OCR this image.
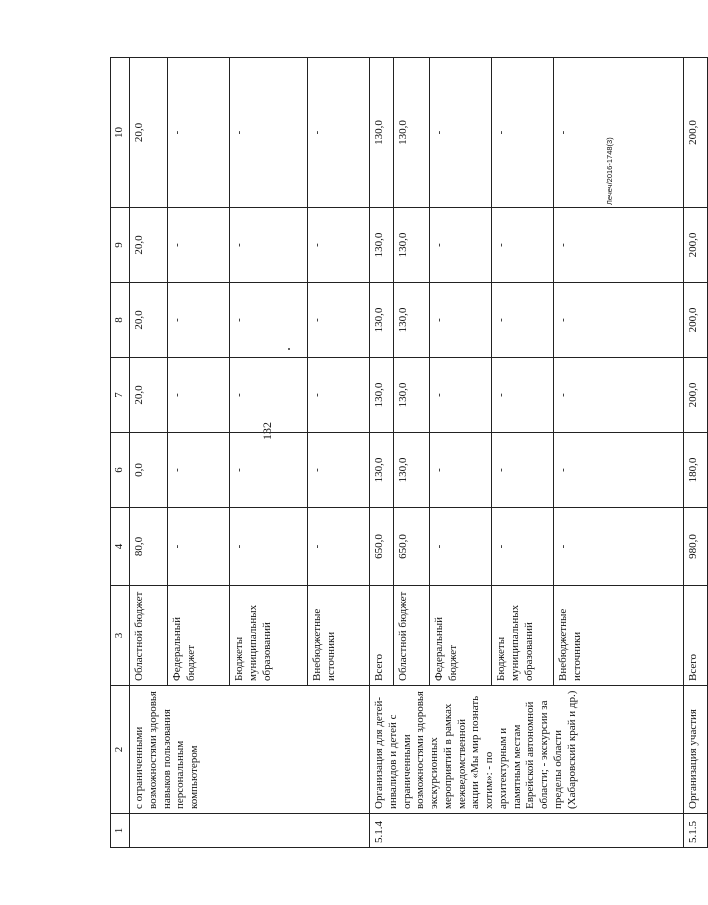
132
Лечеч/2016-1748(3)
1	2	3	4	6	7	8	9	10
	с ограниченными возможностями здоровья навыков пользования персональным компьютером	Областной бюджет	80,0	0,0	20,0	20,0	20,0	20,0
		Федеральный бюджет	-	-	-	-	-	-
		Бюджеты муниципальных образований	-	-	-	-	-	-
		Внебюджетные источники	-	-	-	-	-	-
5.1.4	Организация для детей-инвалидов и детей с ограниченными возможностями здоровья экскурсионных мероприятий в рамках межведомственной акции «Мы мир познать хотим»: - по архитектурным и памятным местам Еврейской автономной области; - экскурсии за пределы области (Хабаровский край и др.)	Всего	650,0	130,0	130,0	130,0	130,0	130,0
		Областной бюджет	650,0	130,0	130,0	130,0	130,0	130,0
		Федеральный бюджет	-	-	-	-	-	-
		Бюджеты муниципальных образований	-	-	-	-	-	-
		Внебюджетные источники	-	-	-	-	-	-
5.1.5	Организация участия	Всего	980,0	180,0	200,0	200,0	200,0	200,0
